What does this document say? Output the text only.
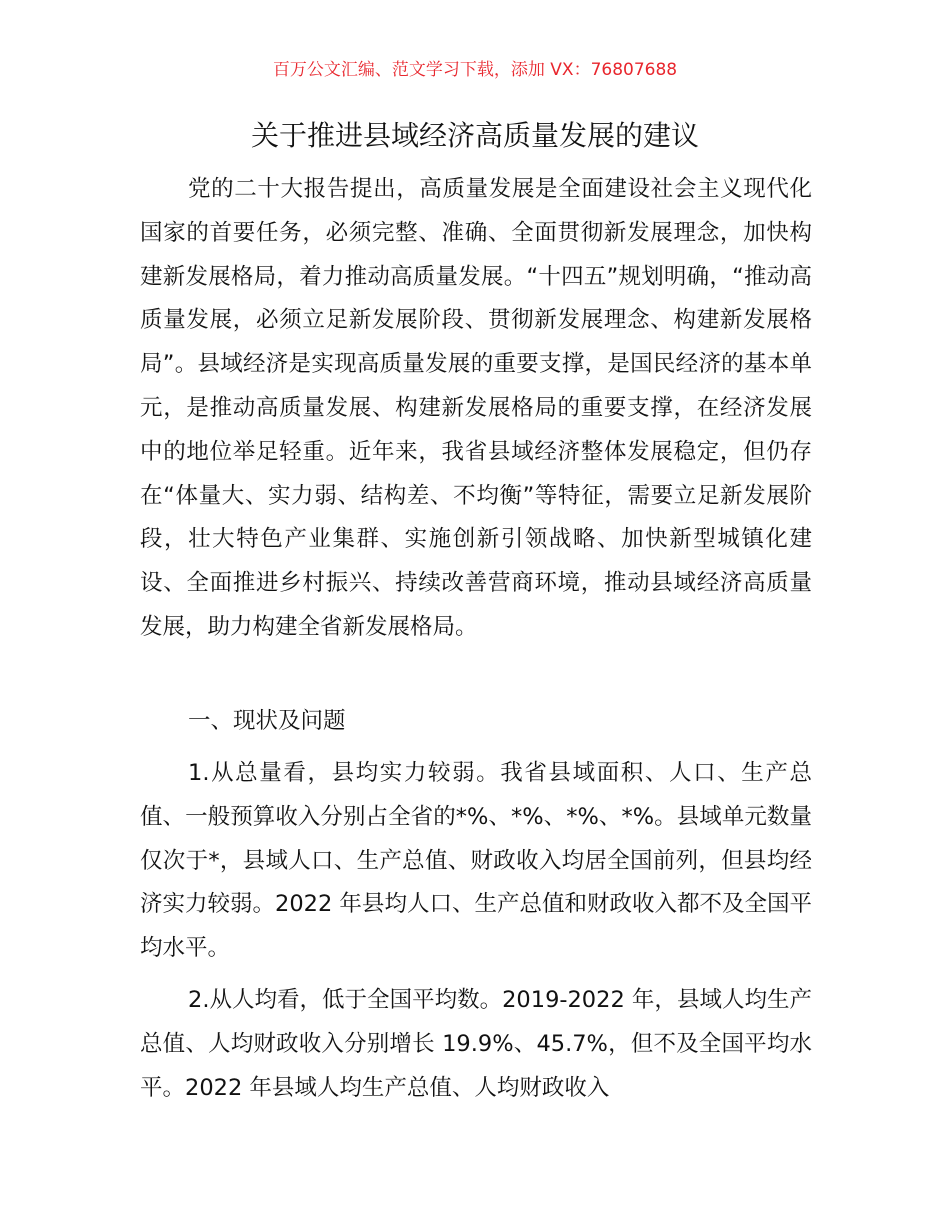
百万公文汇编、范文学习下载，添加 VX：76807688
关于推进县域经济高质量发展的建议

党的二十大报告提出，高质量发展是全面建设社会主义现代化国家的首要任务，必须完整、准确、全面贯彻新发展理念，加快构建新发展格局，着力推动高质量发展。“十四五”规划明确，“推动高质量发展，必须立足新发展阶段、贯彻新发展理念、构建新发展格局”。县域经济是实现高质量发展的重要支撑，是国民经济的基本单元，是推动高质量发展、构建新发展格局的重要支撑，在经济发展中的地位举足轻重。近年来，我省县域经济整体发展稳定，但仍存在“体量大、实力弱、结构差、不均衡”等特征，需要立足新发展阶段，壮大特色产业集群、实施创新引领战略、加快新型城镇化建设、全面推进乡村振兴、持续改善营商环境，推动县域经济高质量发展，助力构建全省新发展格局。

一、现状及问题

1.从总量看，县均实力较弱。我省县域面积、人口、生产总值、一般预算收入分别占全省的*%、*%、*%、*%。县域单元数量仅次于*，县域人口、生产总值、财政收入均居全国前列，但县均经济实力较弱。2022 年县均人口、生产总值和财政收入都不及全国平均水平。

2.从人均看，低于全国平均数。2019-2022 年，县域人均生产总值、人均财政收入分别增长 19.9%、45.7%，但不及全国平均水平。2022 年县域人均生产总值、人均财政收入
